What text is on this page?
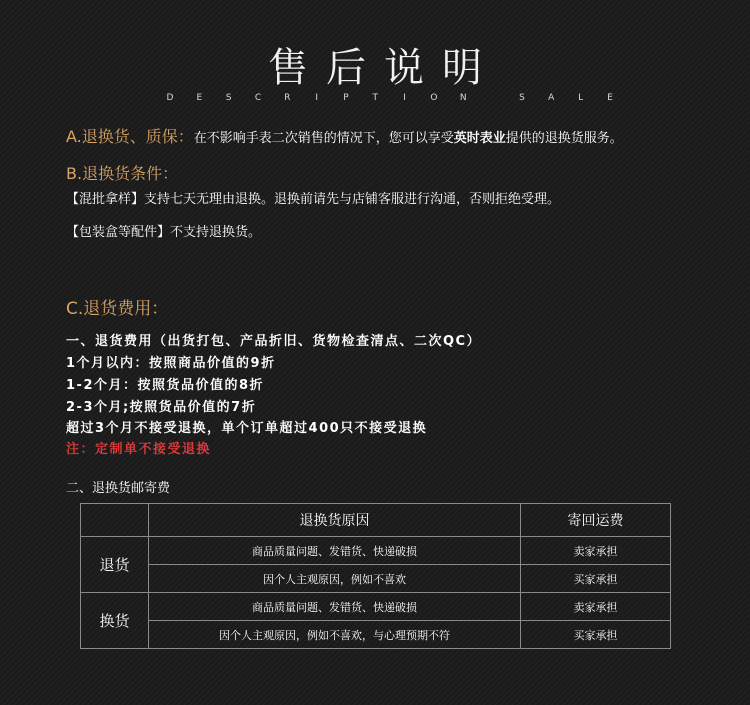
售后说明
D	E	S	C	R	I	P	T	I	O N	S	A	L	E
A.退换货、质保：在不影响手表二次销售的情况下，您可以享受英时表业提供的退换货服务。
B.退换货条件：
【混批拿样】支持七天无理由退换。退换前请先与店铺客服进行沟通，否则拒绝受理。
【包装盒等配件】不支持退换货。
C.退货费用：
一、退货费用（出货打包、产品折旧、货物检查清点、二次QC）
1个月以内：按照商品价值的9折
1-2个月：按照货品价值的8折
2-3个月;按照货品价值的7折
超过3个月不接受退换，单个订单超过400只不接受退换
注：定制单不接受退换
二、退换货邮寄费
	退换货原因	寄回运费
退货	商品质量问题、发错货、快递破损	卖家承担
	因个人主观原因，例如不喜欢	买家承担
换货	商品质量问题、发错货、快递破损	卖家承担
	因个人主观原因，例如不喜欢，与心理预期不符	买家承担
